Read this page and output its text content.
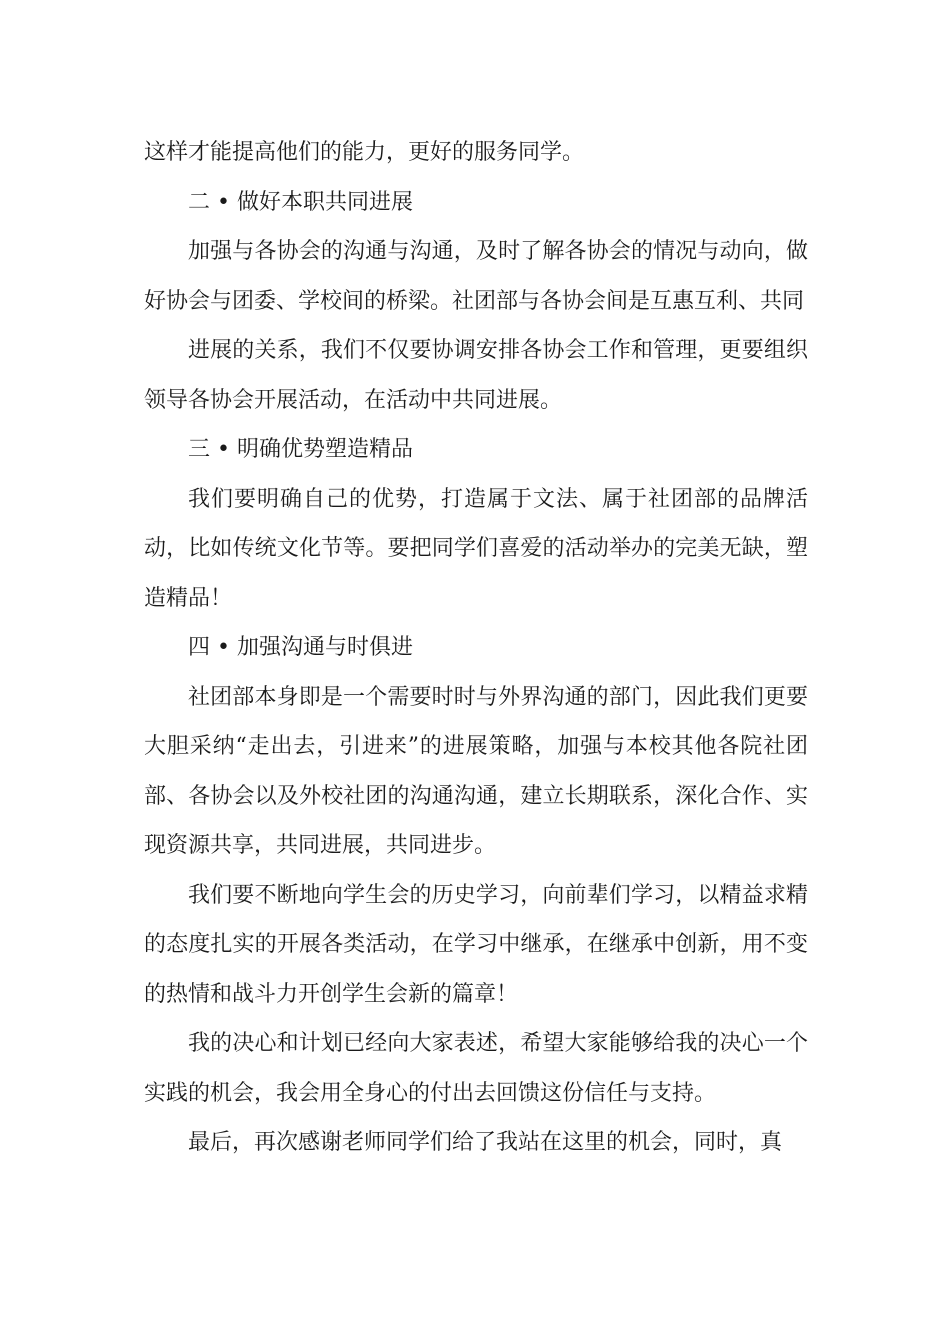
这样才能提高他们的能力，更好的服务同学。

二 • 做好本职共同进展

加强与各协会的沟通与沟通，及时了解各协会的情况与动向，做好协会与团委、学校间的桥梁。社团部与各协会间是互惠互利、共同

进展的关系，我们不仅要协调安排各协会工作和管理，更要组织领导各协会开展活动，在活动中共同进展。

三 • 明确优势塑造精品

我们要明确自己的优势，打造属于文法、属于社团部的品牌活动，比如传统文化节等。要把同学们喜爱的活动举办的完美无缺，塑造精品！

四 • 加强沟通与时俱进

社团部本身即是一个需要时时与外界沟通的部门，因此我们更要大胆采纳“走出去，引进来”的进展策略，加强与本校其他各院社团部、各协会以及外校社团的沟通沟通，建立长期联系，深化合作、实现资源共享，共同进展，共同进步。

我们要不断地向学生会的历史学习，向前辈们学习，以精益求精的态度扎实的开展各类活动，在学习中继承，在继承中创新，用不变的热情和战斗力开创学生会新的篇章！

我的决心和计划已经向大家表述，希望大家能够给我的决心一个实践的机会，我会用全身心的付出去回馈这份信任与支持。

最后，再次感谢老师同学们给了我站在这里的机会，同时，真
